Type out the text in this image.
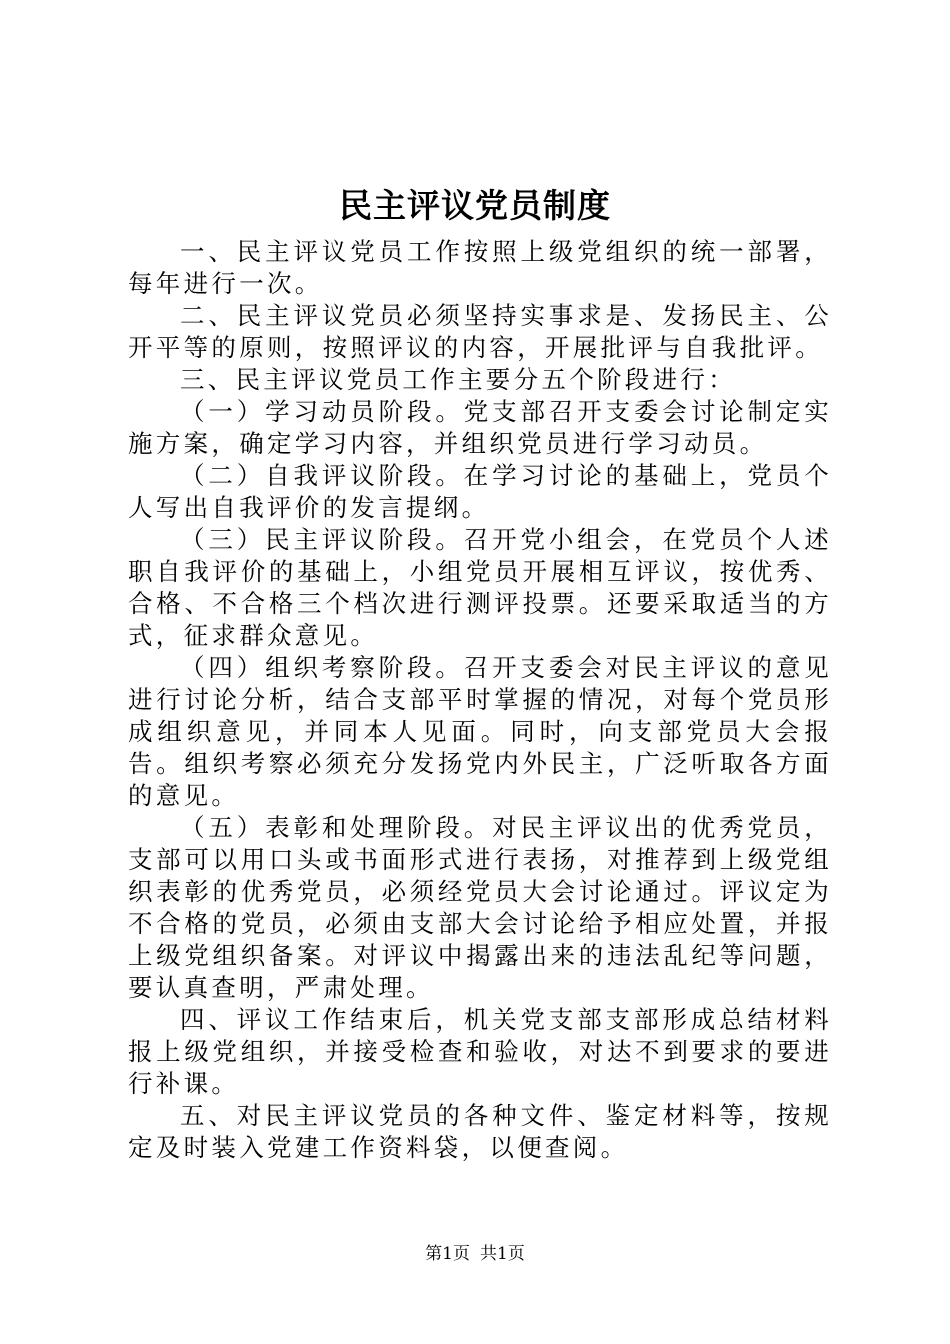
民主评议党员制度

一、民主评议党员工作按照上级党组织的统一部署，每年进行一次。

二、民主评议党员必须坚持实事求是、发扬民主、公开平等的原则，按照评议的内容，开展批评与自我批评。

三、民主评议党员工作主要分五个阶段进行：

（一）学习动员阶段。党支部召开支委会讨论制定实施方案，确定学习内容，并组织党员进行学习动员。

（二）自我评议阶段。在学习讨论的基础上，党员个人写出自我评价的发言提纲。

（三）民主评议阶段。召开党小组会，在党员个人述职自我评价的基础上，小组党员开展相互评议，按优秀、合格、不合格三个档次进行测评投票。还要采取适当的方式，征求群众意见。

（四）组织考察阶段。召开支委会对民主评议的意见进行讨论分析，结合支部平时掌握的情况，对每个党员形成组织意见，并同本人见面。同时，向支部党员大会报告。组织考察必须充分发扬党内外民主，广泛听取各方面的意见。

（五）表彰和处理阶段。对民主评议出的优秀党员，支部可以用口头或书面形式进行表扬，对推荐到上级党组织表彰的优秀党员，必须经党员大会讨论通过。评议定为不合格的党员，必须由支部大会讨论给予相应处置，并报上级党组织备案。对评议中揭露出来的违法乱纪等问题，要认真查明，严肃处理。

四、评议工作结束后，机关党支部支部形成总结材料报上级党组织，并接受检查和验收，对达不到要求的要进行补课。

五、对民主评议党员的各种文件、鉴定材料等，按规定及时装入党建工作资料袋，以便查阅。

第1页 共1页
